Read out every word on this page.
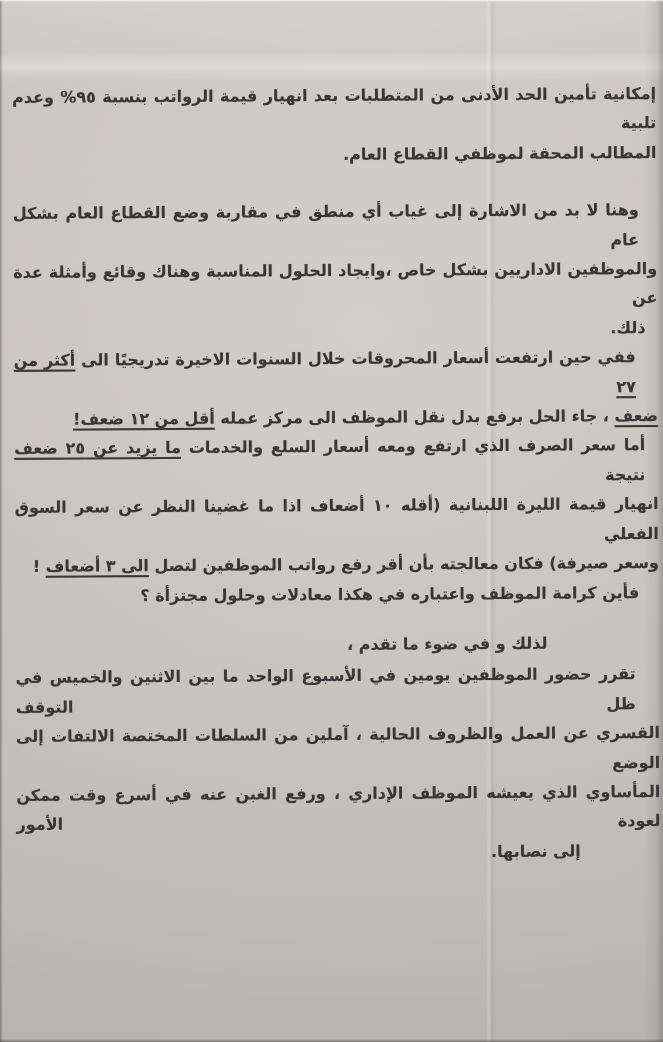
إمكانية تأمين الحد الأدنى من المتطلبات بعد انهيار قيمة الرواتب بنسبة ٩٥% وعدم تلبية
المطالب المحقة لموظفي القطاع العام.
وهنا لا بد من الاشارة إلى غياب أي منطق في مقاربة وضع القطاع العام بشكل عام
والموظفين الاداريين بشكل خاص ،وايجاد الحلول المناسبة وهناك وقائع وأمثلة عدة عن
ذلك.
ففي حين ارتفعت أسعار المحروقات خلال السنوات الاخيرة تدريجيًا الى أكثر من ٢٧
ضعف ، جاء الحل برفع بدل نقل الموظف الى مركز عمله أقل من ١٢ ضعف!
أما سعر الصرف الذي ارتفع ومعه أسعار السلع والخدمات ما يزيد عن ٢٥ ضعف نتيجة
انهيار قيمة الليرة اللبنانية (أقله ١٠ أضعاف اذا ما غضينا النظر عن سعر السوق الفعلي
وسعر صيرفة) فكان معالجته بأن أقر رفع رواتب الموظفين لتصل الى ٣ أضعاف !
فأين كرامة الموظف واعتباره في هكذا معادلات وحلول مجتزأة ؟
لذلك و في ضوء ما تقدم ،
تقرر حضور الموظفين يومين في الأسبوع الواحد ما بين الاثنين والخميس في ظل التوقف
القسري عن العمل والظروف الحالية ، آملين من السلطات المختصة الالتفات إلى الوضع
المأساوي الذي يعيشه الموظف الإداري ، ورفع الغبن عنه في أسرع وقت ممكن لعودة الأمور
إلى نصابها.
